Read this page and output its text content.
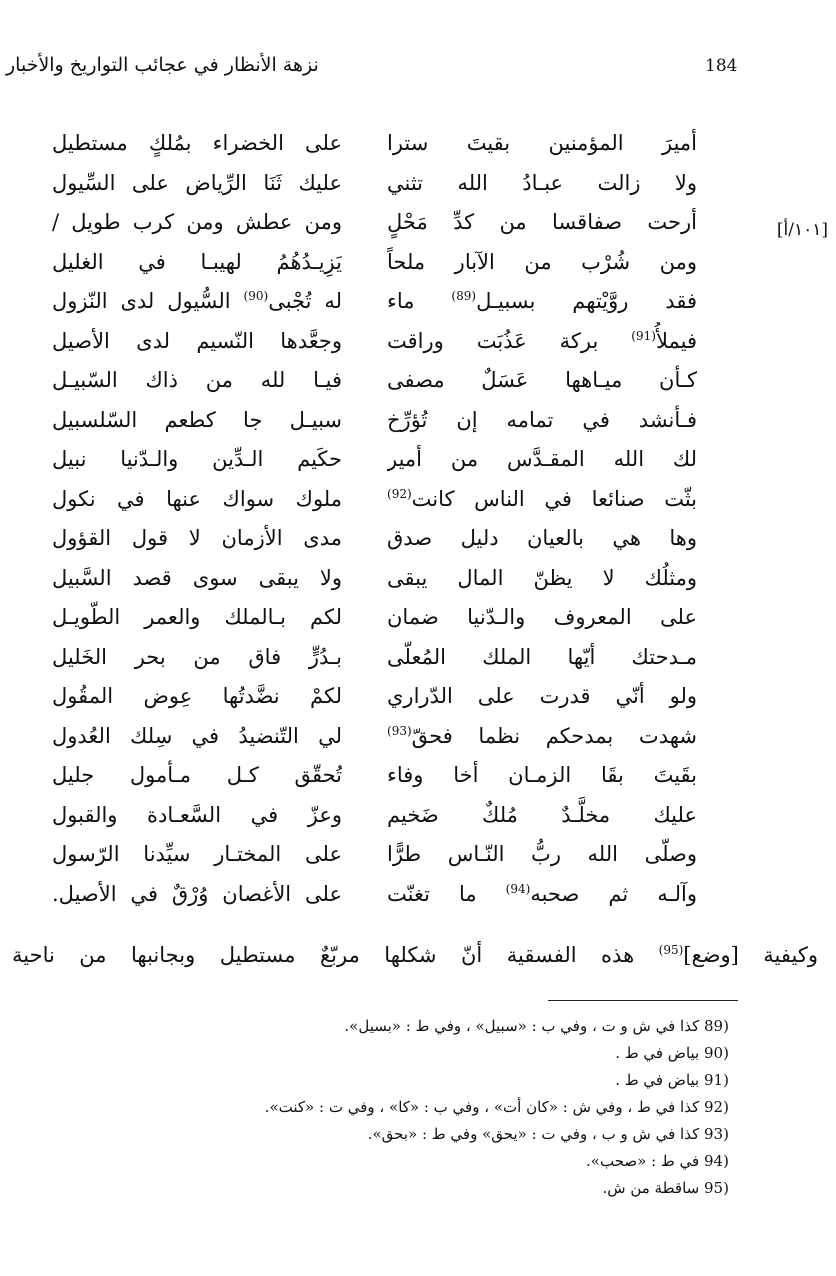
نزهة الأنظار في عجائب التواريخ والأخبار	184
[١٠١/أ]
أميرَ المؤمنين بقيتَ سترا
على الخضراء بمُلكٍ مستطيل
ولا زالت عبـادُ الله تثني
عليك ثَنَا الرِّياض على السِّيول
أرحت صفاقسا من كدِّ مَحْلٍ
ومن عطش ومن كرب طويل /
ومن شُرْب من الآبار ملحاً
يَزِيـدُهُمُ لهيبـا في الغليل
فقد روَّيْتهم بسبيـل$^{(89)}$ ماء
له تُجْبى$^{(90)}$ السُّيول لدى النّزول
فيملأُ$^{(91)}$ بركة عَذُبَت وراقت
وجعَّدها النّسيم لدى الأصيل
كـأن ميـاهها عَسَلٌ مصفى
فيـا لله من ذاك السّبيـل
فـأنشد في تمامه إن تُؤرِّخ
سبيـل جا كطعم السّلسبيل
لك الله المقـدَّس من أمير
حكَيم الـدِّين والـدّنيا نبيل
بثّت صنائعا في الناس كانت$^{(92)}$
ملوك سواك عنها في نكول
وها هي بالعيان دليل صدق
مدى الأزمان لا قول القؤول
ومثلُك لا يظنّ المال يبقى
ولا يبقى سوى قصد السَّبيل
على المعروف والـدّنيا ضمان
لكم بـالملك والعمر الطّويـل
مـدحتك أيّها الملك المُعلّى
بـدُرٍّ فاق من بحر الخَليل
ولو أنّي قدرت على الدّراري
لكمْ نضَّدتُها عِوض المقُول
شهدت بمدحكم نظما فحقّ$^{(93)}$
لي التّنضيدُ في سِلك العُدول
بقَيتَ بقَا الزمـان أخا وفاء
تُحقّق كـل مـأمول جليل
عليك مخلَّـدٌ مُلكٌ ضَخيم
وعزّ في السَّعـادة والقبول
وصلّى الله ربُّ النّـاس طرًّا
على المختـار سيِّدنا الرّسول
وآلـه ثم صحبه$^{(94)}$ ما تغنّت
على الأغصان وُرْقٌ في الأصيل.
وكيفية [وضع]$^{(95)}$ هذه الفسقية أنّ شكلها مربّعٌ مستطيل وبجانبها من ناحية
89) كذا في ش و ت ، وفي ب : «سبيل» ، وفي ط : «بسيل».
90) بياض في ط .
91) بياض في ط .
92) كذا في ط ، وفي ش : «كان أت» ، وفي ب : «كا» ، وفي ت : «كنت».
93) كذا في ش و ب ، وفي ت : «يحق» وفي ط : «بحق».
94) في ط : «صحب».
95) ساقطة من ش.
